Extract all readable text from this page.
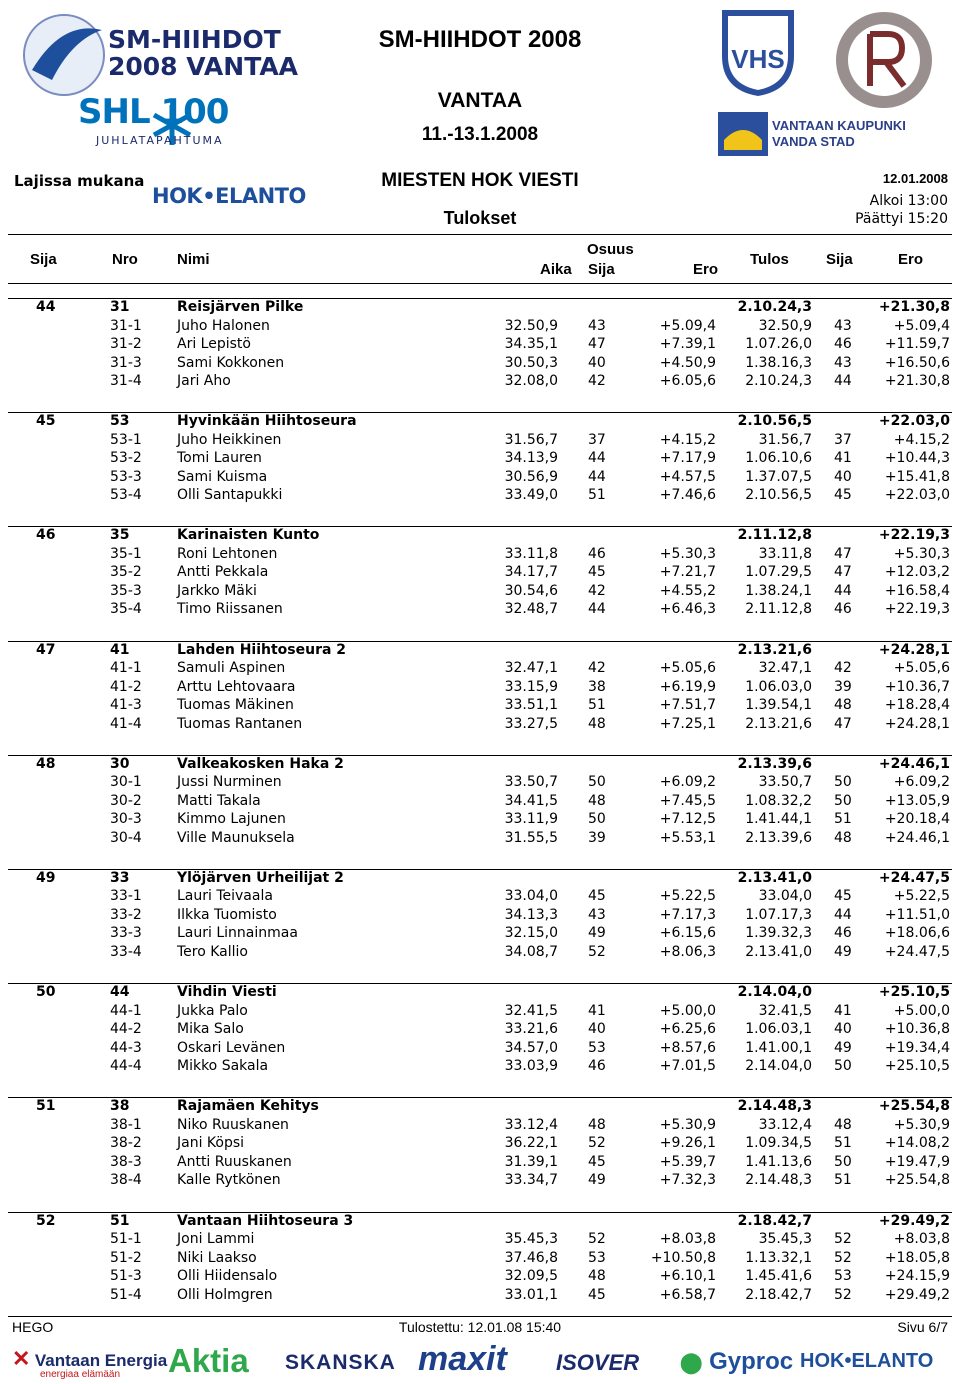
SM-HIIHDOT
2008 VANTAA
SHL 100
JUHLATAPAHTUMA
SM-HIIHDOT 2008
VANTAA
11.-13.1.2008
MIESTEN HOK VIESTI
Tulokset
Lajissa mukana
HOK•ELANTO
12.01.2008
Alkoi 13:00
Päättyi 15:20
VHS
VANTAAN KAUPUNKI
VANDA STAD
Sija	Nro	Nimi
Osuus
Aika Sija	Ero
Tulos Sija	Ero
44	31	Reisjärven Pilke	2.10.24,3	+21.30,8
31-1	Juho Halonen	32.50,9 43	+5.09,4	32.50,9 43	+5.09,4
31-2	Ari Lepistö	34.35,1 47	+7.39,1 1.07.26,0 46 +11.59,7
31-3	Sami Kokkonen	30.50,3 40	+4.50,9 1.38.16,3 43 +16.50,6
31-4	Jari Aho	32.08,0 42	+6.05,6 2.10.24,3 44 +21.30,8
45	53	Hyvinkään Hiihtoseura	2.10.56,5	+22.03,0
53-1	Juho Heikkinen	31.56,7 37	+4.15,2	31.56,7 37	+4.15,2
53-2	Tomi Lauren	34.13,9 44	+7.17,9 1.06.10,6 41 +10.44,3
53-3	Sami Kuisma	30.56,9 44	+4.57,5 1.37.07,5 40 +15.41,8
53-4	Olli Santapukki	33.49,0 51	+7.46,6 2.10.56,5 45 +22.03,0
46	35	Karinaisten Kunto	2.11.12,8	+22.19,3
35-1	Roni Lehtonen	33.11,8 46	+5.30,3	33.11,8 47	+5.30,3
35-2	Antti Pekkala	34.17,7 45	+7.21,7 1.07.29,5 47 +12.03,2
35-3	Jarkko Mäki	30.54,6 42	+4.55,2 1.38.24,1 44 +16.58,4
35-4	Timo Riissanen	32.48,7 44	+6.46,3 2.11.12,8 46 +22.19,3
47	41	Lahden Hiihtoseura 2	2.13.21,6	+24.28,1
41-1	Samuli Aspinen	32.47,1 42	+5.05,6	32.47,1 42	+5.05,6
41-2	Arttu Lehtovaara	33.15,9 38	+6.19,9 1.06.03,0 39 +10.36,7
41-3	Tuomas Mäkinen	33.51,1 51	+7.51,7 1.39.54,1 48 +18.28,4
41-4	Tuomas Rantanen	33.27,5 48	+7.25,1 2.13.21,6 47 +24.28,1
48	30	Valkeakosken Haka 2	2.13.39,6	+24.46,1
30-1	Jussi Nurminen	33.50,7 50	+6.09,2	33.50,7 50	+6.09,2
30-2	Matti Takala	34.41,5 48	+7.45,5 1.08.32,2 50 +13.05,9
30-3	Kimmo Lajunen	33.11,9 50	+7.12,5 1.41.44,1 51 +20.18,4
30-4	Ville Maunuksela	31.55,5 39	+5.53,1 2.13.39,6 48 +24.46,1
49	33	Ylöjärven Urheilijat 2	2.13.41,0	+24.47,5
33-1	Lauri Teivaala	33.04,0 45	+5.22,5	33.04,0 45	+5.22,5
33-2	Ilkka Tuomisto	34.13,3 43	+7.17,3 1.07.17,3 44 +11.51,0
33-3	Lauri Linnainmaa	32.15,0 49	+6.15,6 1.39.32,3 46 +18.06,6
33-4	Tero Kallio	34.08,7 52	+8.06,3 2.13.41,0 49 +24.47,5
50	44	Vihdin Viesti	2.14.04,0	+25.10,5
44-1	Jukka Palo	32.41,5 41	+5.00,0	32.41,5 41	+5.00,0
44-2	Mika Salo	33.21,6 40	+6.25,6 1.06.03,1 40 +10.36,8
44-3	Oskari Levänen	34.57,0 53	+8.57,6 1.41.00,1 49 +19.34,4
44-4	Mikko Sakala	33.03,9 46	+7.01,5 2.14.04,0 50 +25.10,5
51	38	Rajamäen Kehitys	2.14.48,3	+25.54,8
38-1	Niko Ruuskanen	33.12,4 48	+5.30,9	33.12,4 48	+5.30,9
38-2	Jani Köpsi	36.22,1 52	+9.26,1 1.09.34,5 51 +14.08,2
38-3	Antti Ruuskanen	31.39,1 45	+5.39,7 1.41.13,6 50 +19.47,9
38-4	Kalle Rytkönen	33.34,7 49	+7.32,3 2.14.48,3 51 +25.54,8
52	51	Vantaan Hiihtoseura 3	2.18.42,7	+29.49,2
51-1	Joni Lammi	35.45,3 52	+8.03,8	35.45,3 52	+8.03,8
51-2	Niki Laakso	37.46,8 53	+10.50,8 1.13.32,1 52 +18.05,8
51-3	Olli Hiidensalo	32.09,5 48	+6.10,1 1.45.41,6 53 +24.15,9
51-4	Olli Holmgren	33.01,1 45	+6.58,7 2.18.42,7 52 +29.49,2
HEGO	Tulostettu: 12.01.08 15:40	Sivu 6/7
✕ Vantaan Energia
energiaa elämään	Aktia SKANSKA maxit ISOVER ⬤ Gyproc HOK•ELANTO
